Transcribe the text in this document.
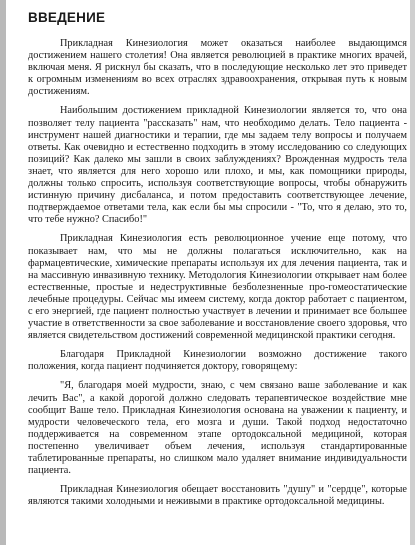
ВВЕДЕНИЕ

Прикладная Кинезиология может оказаться наиболее выдающимся достижением нашего столетия! Она является революцией в практике многих врачей, включая меня. Я рискнул бы сказать, что в последующие несколько лет это приведет к огромным изменениям во всех отраслях здравоохранения, открывая путь к новым достижениям.

Наибольшим достижением прикладной Кинезиологии является то, что она позволяет телу пациента "рассказать" нам, что необходимо делать. Тело пациента - инструмент нашей диагностики и терапии, где мы задаем телу вопросы и получаем ответы. Как очевидно и естественно подходить в этому исследованию со следующих позиций? Как далеко мы зашли в своих заблуждениях? Врожденная мудрость тела знает, что является для него хорошо или плохо, и мы, как помощники природы, должны только спросить, используя соответствующие вопросы, чтобы обнаружить истинную причину дисбаланса, и потом предоставить соответствующее лечение, подтверждаемое ответами тела, как если бы мы спросили - "То, что я делаю, это то, что тебе нужно? Спасибо!"

Прикладная Кинезиология есть революционное учение еще потому, что показывает нам, что мы не должны полагаться исключительно, как на фармацевтические, химические препараты используя их для лечения пациента, так и на массивную инвазивную технику. Методология Кинезиологии открывает нам более естественные, простые и недеструктивные безболезненные про-гомеостатические лечебные процедуры. Сейчас мы имеем систему, когда доктор работает с пациентом, с его энергией, где пациент полностью участвует в лечении и принимает все большее участие в ответственности за свое заболевание и восстановление своего здоровья, что является свидетельством достижений современной медицинской практики сегодня.

Благодаря Прикладной Кинезиологии возможно достижение такого положения, когда пациент подчиняется доктору, говорящему:

"Я, благодаря моей мудрости, знаю, с чем связано ваше заболевание и как лечить Вас", а какой дорогой должно следовать терапевтическое воздействие мне сообщит Ваше тело. Прикладная Кинезиология основана на уважении к пациенту, и мудрости человеческого тела, его мозга и души. Такой подход недостаточно поддерживается на современном этапе ортодоксальной медициной, которая постепенно увеличивает объем лечения, используя стандартированные таблетированные препараты, но слишком мало удаляет внимание индивидуальности пациента.

Прикладная Кинезиология обещает восстановить "душу" и "сердце", которые являются такими холодными и неживыми в практике ортодоксальной медицины.
